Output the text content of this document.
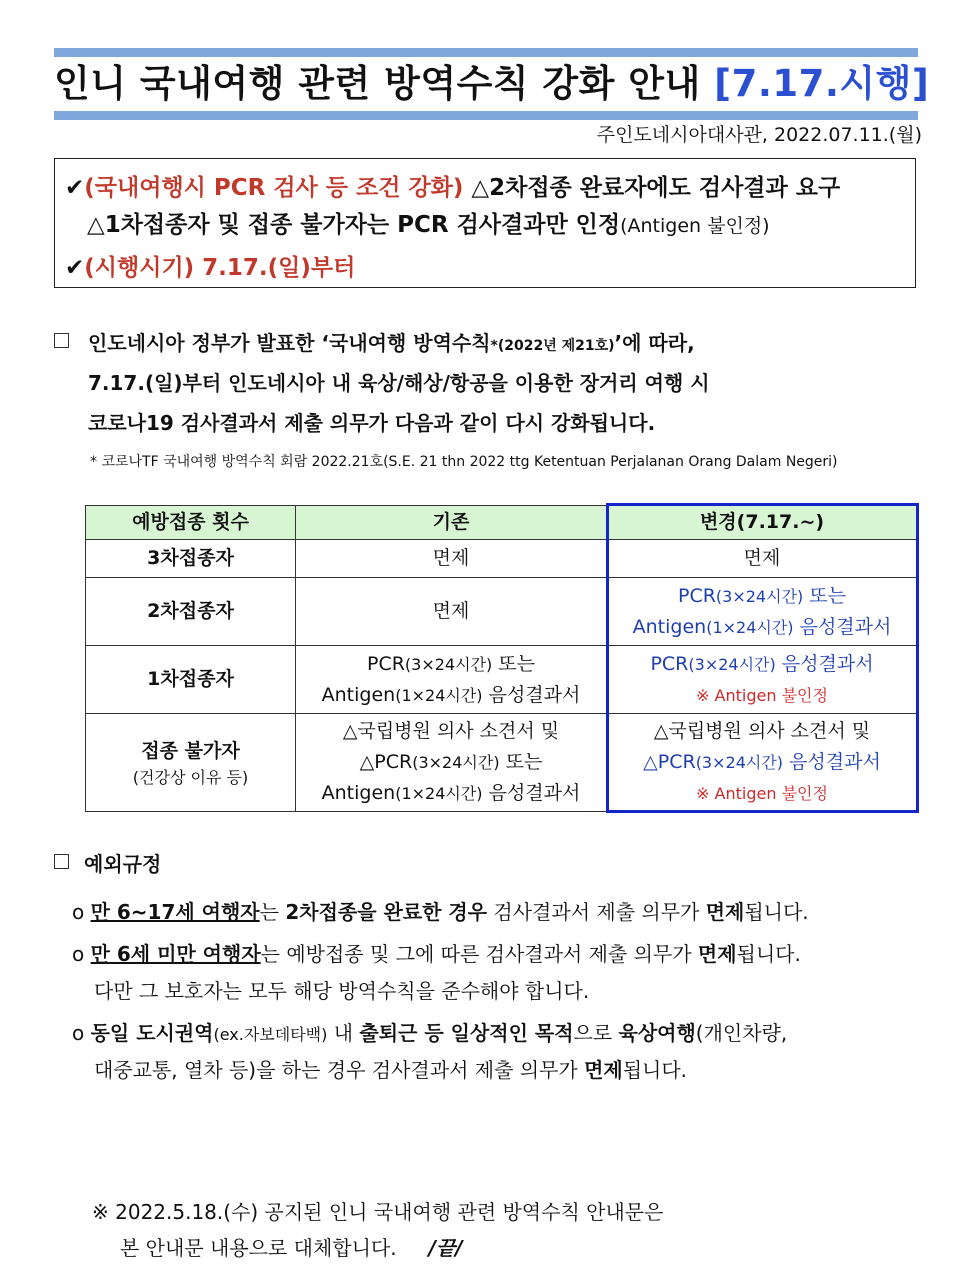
인니 국내여행 관련 방역수칙 강화 안내 [7.17.시행]
주인도네시아대사관, 2022.07.11.(월)
✔(국내여행시 PCR 검사 등 조건 강화) △2차접종 완료자에도 검사결과 요구
△1차접종자 및 접종 불가자는 PCR 검사결과만 인정(Antigen 불인정)
✔(시행시기) 7.17.(일)부터
인도네시아 정부가 발표한 ‘국내여행 방역수칙*(2022년 제21호)’에 따라,
7.17.(일)부터 인도네시아 내 육상/해상/항공을 이용한 장거리 여행 시
코로나19 검사결과서 제출 의무가 다음과 같이 다시 강화됩니다.
* 코로나TF 국내여행 방역수칙 회람 2022.21호(S.E. 21 thn 2022 ttg Ketentuan Perjalanan Orang Dalam Negeri)
예방접종 횟수	기존	변경(7.17.~)
3차접종자	면제	면제
2차접종자	면제	PCR(3×24시간) 또는
Antigen(1×24시간) 음성결과서
1차접종자	PCR(3×24시간) 또는
Antigen(1×24시간) 음성결과서	PCR(3×24시간) 음성결과서
※ Antigen 불인정
접종 불가자
(건강상 이유 등)	△국립병원 의사 소견서 및
△PCR(3×24시간) 또는
Antigen(1×24시간) 음성결과서	△국립병원 의사 소견서 및
△PCR(3×24시간) 음성결과서
※ Antigen 불인정
예외규정
o 만 6~17세 여행자는 2차접종을 완료한 경우 검사결과서 제출 의무가 면제됩니다.
o 만 6세 미만 여행자는 예방접종 및 그에 따른 검사결과서 제출 의무가 면제됩니다.
다만 그 보호자는 모두 해당 방역수칙을 준수해야 합니다.
o 동일 도시권역(ex.자보데타백) 내 출퇴근 등 일상적인 목적으로 육상여행(개인차량,
대중교통, 열차 등)을 하는 경우 검사결과서 제출 의무가 면제됩니다.
※ 2022.5.18.(수) 공지된 인니 국내여행 관련 방역수칙 안내문은
본 안내문 내용으로 대체합니다. /끝/
